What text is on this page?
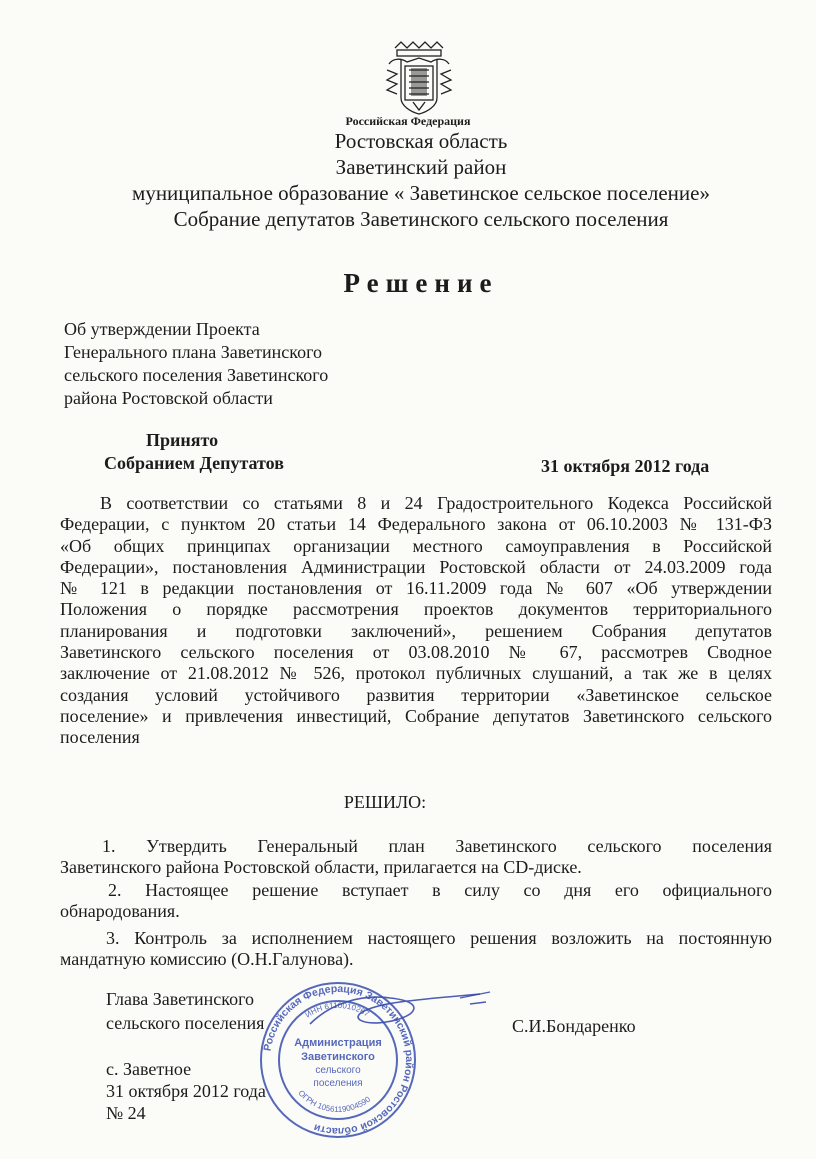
Российская Федерация
Ростовская область
Заветинский район
муниципальное образование « Заветинское сельское поселение»
Собрание депутатов Заветинского сельского поселения
Решение
Об утверждении Проекта
Генерального плана Заветинского
сельского поселения Заветинского
района Ростовской области
Принято
Собранием Депутатов	31 октября 2012 года
В соответствии со статьями 8 и 24 Градостроительного Кодекса Российской
Федерации, с пунктом 20 статьи 14 Федерального закона от 06.10.2003 № 131-ФЗ
«Об общих принципах организации местного самоуправления в Российской
Федерации», постановления Администрации Ростовской области от 24.03.2009 года
№ 121 в редакции постановления от 16.11.2009 года № 607 «Об утверждении
Положения о порядке рассмотрения проектов документов территориального
планирования и подготовки заключений», решением Собрания депутатов
Заветинского сельского поселения от 03.08.2010 № 67, рассмотрев Сводное
заключение от 21.08.2012 № 526, протокол публичных слушаний, а так же в целях
создания условий устойчивого развития территории «Заветинское сельское
поселение» и привлечения инвестиций, Собрание депутатов Заветинского сельского
поселения
РЕШИЛО:
1. Утвердить Генеральный план Заветинского сельского поселения
Заветинского района Ростовской области, прилагается на CD-диске.
2. Настоящее решение вступает в силу со дня его официального
обнародования.
3. Контроль за исполнением настоящего решения возложить на постоянную
мандатную комиссию (О.Н.Галунова).
Глава Заветинского
сельского поселения	С.И.Бондаренко
с. Заветное
31 октября 2012 года
№ 24
Российская Федерация Заветинский район Ростовской области
ИНН 6110010267
ОГРН 1056119004590
Администрация
Заветинского
сельского
поселения
